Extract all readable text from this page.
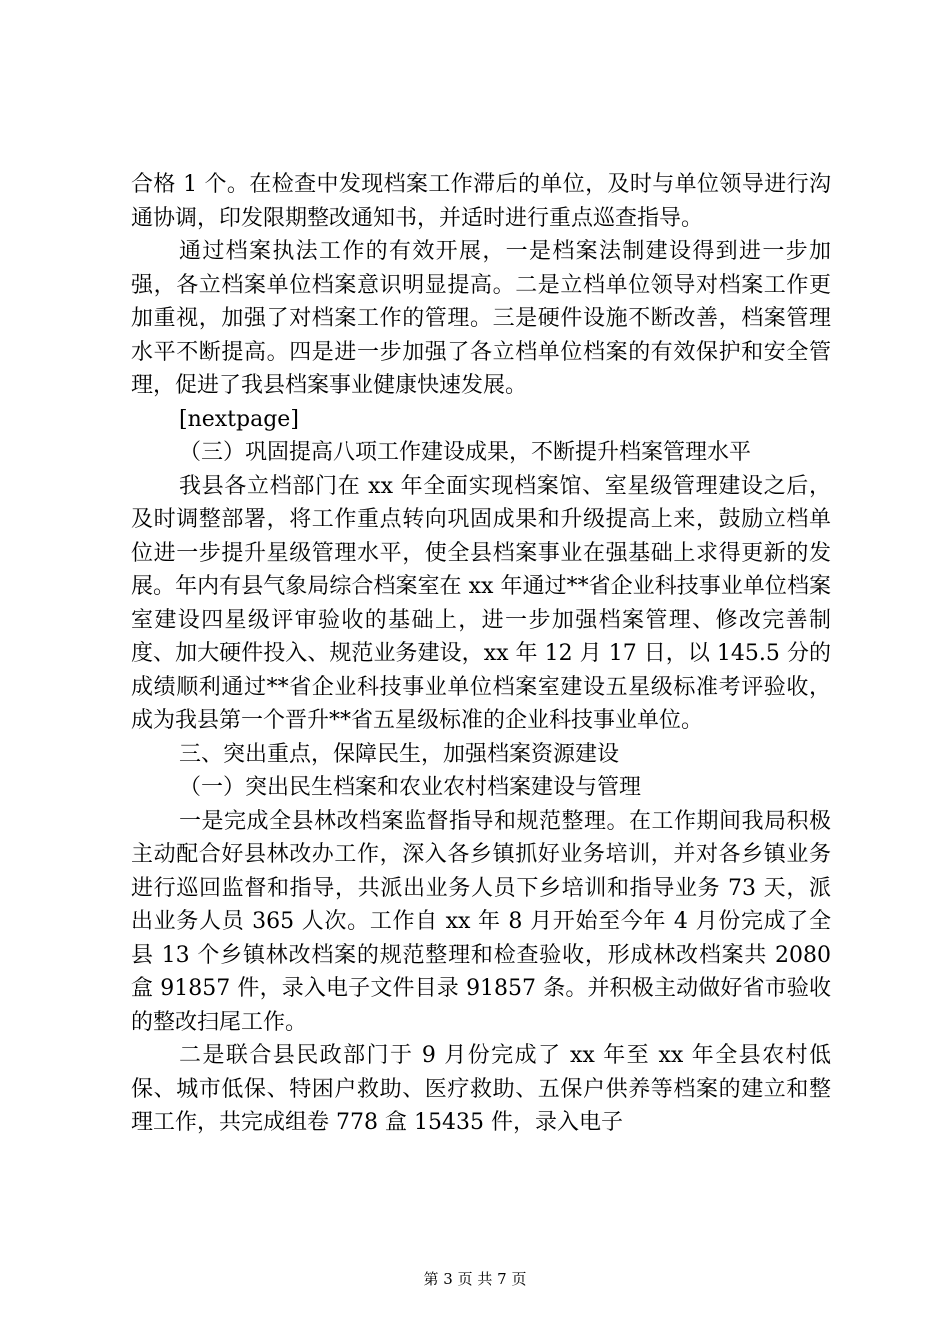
合格 1 个。在检查中发现档案工作滞后的单位，及时与单位领导进行沟通协调，印发限期整改通知书，并适时进行重点巡查指导。

通过档案执法工作的有效开展，一是档案法制建设得到进一步加强，各立档案单位档案意识明显提高。二是立档单位领导对档案工作更加重视，加强了对档案工作的管理。三是硬件设施不断改善，档案管理水平不断提高。四是进一步加强了各立档单位档案的有效保护和安全管理，促进了我县档案事业健康快速发展。

[nextpage]

（三）巩固提高八项工作建设成果，不断提升档案管理水平

我县各立档部门在 xx 年全面实现档案馆、室星级管理建设之后，及时调整部署，将工作重点转向巩固成果和升级提高上来，鼓励立档单位进一步提升星级管理水平，使全县档案事业在强基础上求得更新的发展。年内有县气象局综合档案室在 xx 年通过**省企业科技事业单位档案室建设四星级评审验收的基础上，进一步加强档案管理、修改完善制度、加大硬件投入、规范业务建设，xx 年 12 月 17 日，以 145.5 分的成绩顺利通过**省企业科技事业单位档案室建设五星级标准考评验收，成为我县第一个晋升**省五星级标准的企业科技事业单位。

三、突出重点，保障民生，加强档案资源建设

（一）突出民生档案和农业农村档案建设与管理

一是完成全县林改档案监督指导和规范整理。在工作期间我局积极主动配合好县林改办工作，深入各乡镇抓好业务培训，并对各乡镇业务进行巡回监督和指导，共派出业务人员下乡培训和指导业务 73 天，派出业务人员 365 人次。工作自 xx 年 8 月开始至今年 4 月份完成了全县 13 个乡镇林改档案的规范整理和检查验收，形成林改档案共 2080 盒 91857 件，录入电子文件目录 91857 条。并积极主动做好省市验收的整改扫尾工作。

二是联合县民政部门于 9 月份完成了 xx 年至 xx 年全县农村低保、城市低保、特困户救助、医疗救助、五保户供养等档案的建立和整理工作，共完成组卷 778 盒 15435 件，录入电子

第 3 页 共 7 页
